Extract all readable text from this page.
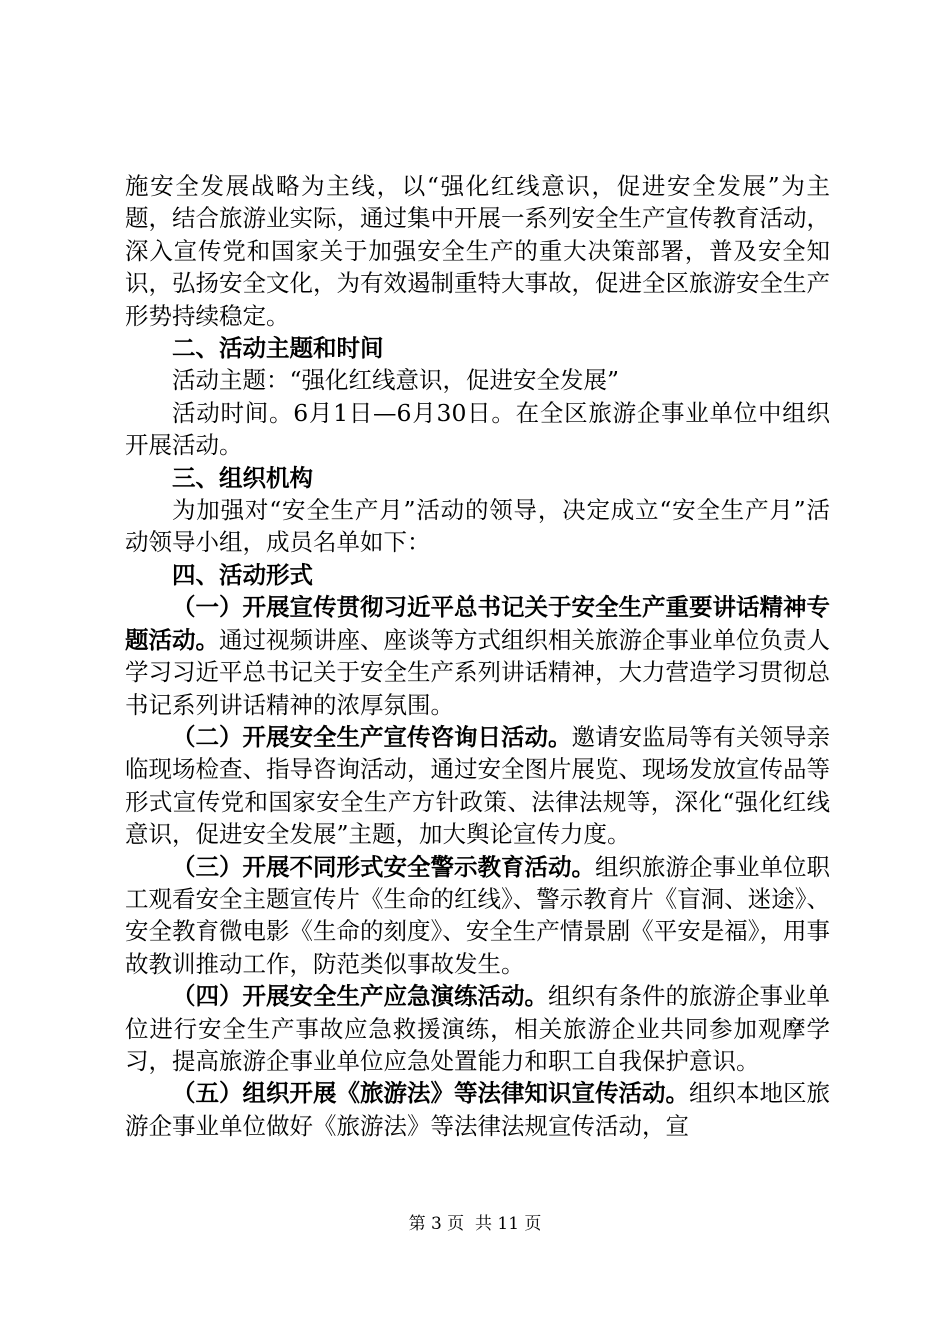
施安全发展战略为主线，以“强化红线意识，促进安全发展”为主题，结合旅游业实际，通过集中开展一系列安全生产宣传教育活动，深入宣传党和国家关于加强安全生产的重大决策部署，普及安全知识，弘扬安全文化，为有效遏制重特大事故，促进全区旅游安全生产形势持续稳定。

二、活动主题和时间

活动主题：“强化红线意识，促进安全发展”

活动时间。6月1日—6月30日。在全区旅游企事业单位中组织开展活动。

三、组织机构

为加强对“安全生产月”活动的领导，决定成立“安全生产月”活动领导小组，成员名单如下：

四、活动形式

（一）开展宣传贯彻习近平总书记关于安全生产重要讲话精神专题活动。通过视频讲座、座谈等方式组织相关旅游企事业单位负责人学习习近平总书记关于安全生产系列讲话精神，大力营造学习贯彻总书记系列讲话精神的浓厚氛围。

（二）开展安全生产宣传咨询日活动。邀请安监局等有关领导亲临现场检查、指导咨询活动，通过安全图片展览、现场发放宣传品等形式宣传党和国家安全生产方针政策、法律法规等，深化“强化红线意识，促进安全发展”主题，加大舆论宣传力度。

（三）开展不同形式安全警示教育活动。组织旅游企事业单位职工观看安全主题宣传片《生命的红线》、警示教育片《盲洞、迷途》、安全教育微电影《生命的刻度》、安全生产情景剧《平安是福》，用事故教训推动工作，防范类似事故发生。

（四）开展安全生产应急演练活动。组织有条件的旅游企事业单位进行安全生产事故应急救援演练，相关旅游企业共同参加观摩学习，提高旅游企事业单位应急处置能力和职工自我保护意识。

（五）组织开展《旅游法》等法律知识宣传活动。组织本地区旅游企事业单位做好《旅游法》等法律法规宣传活动，宣

第 3 页  共 11 页
